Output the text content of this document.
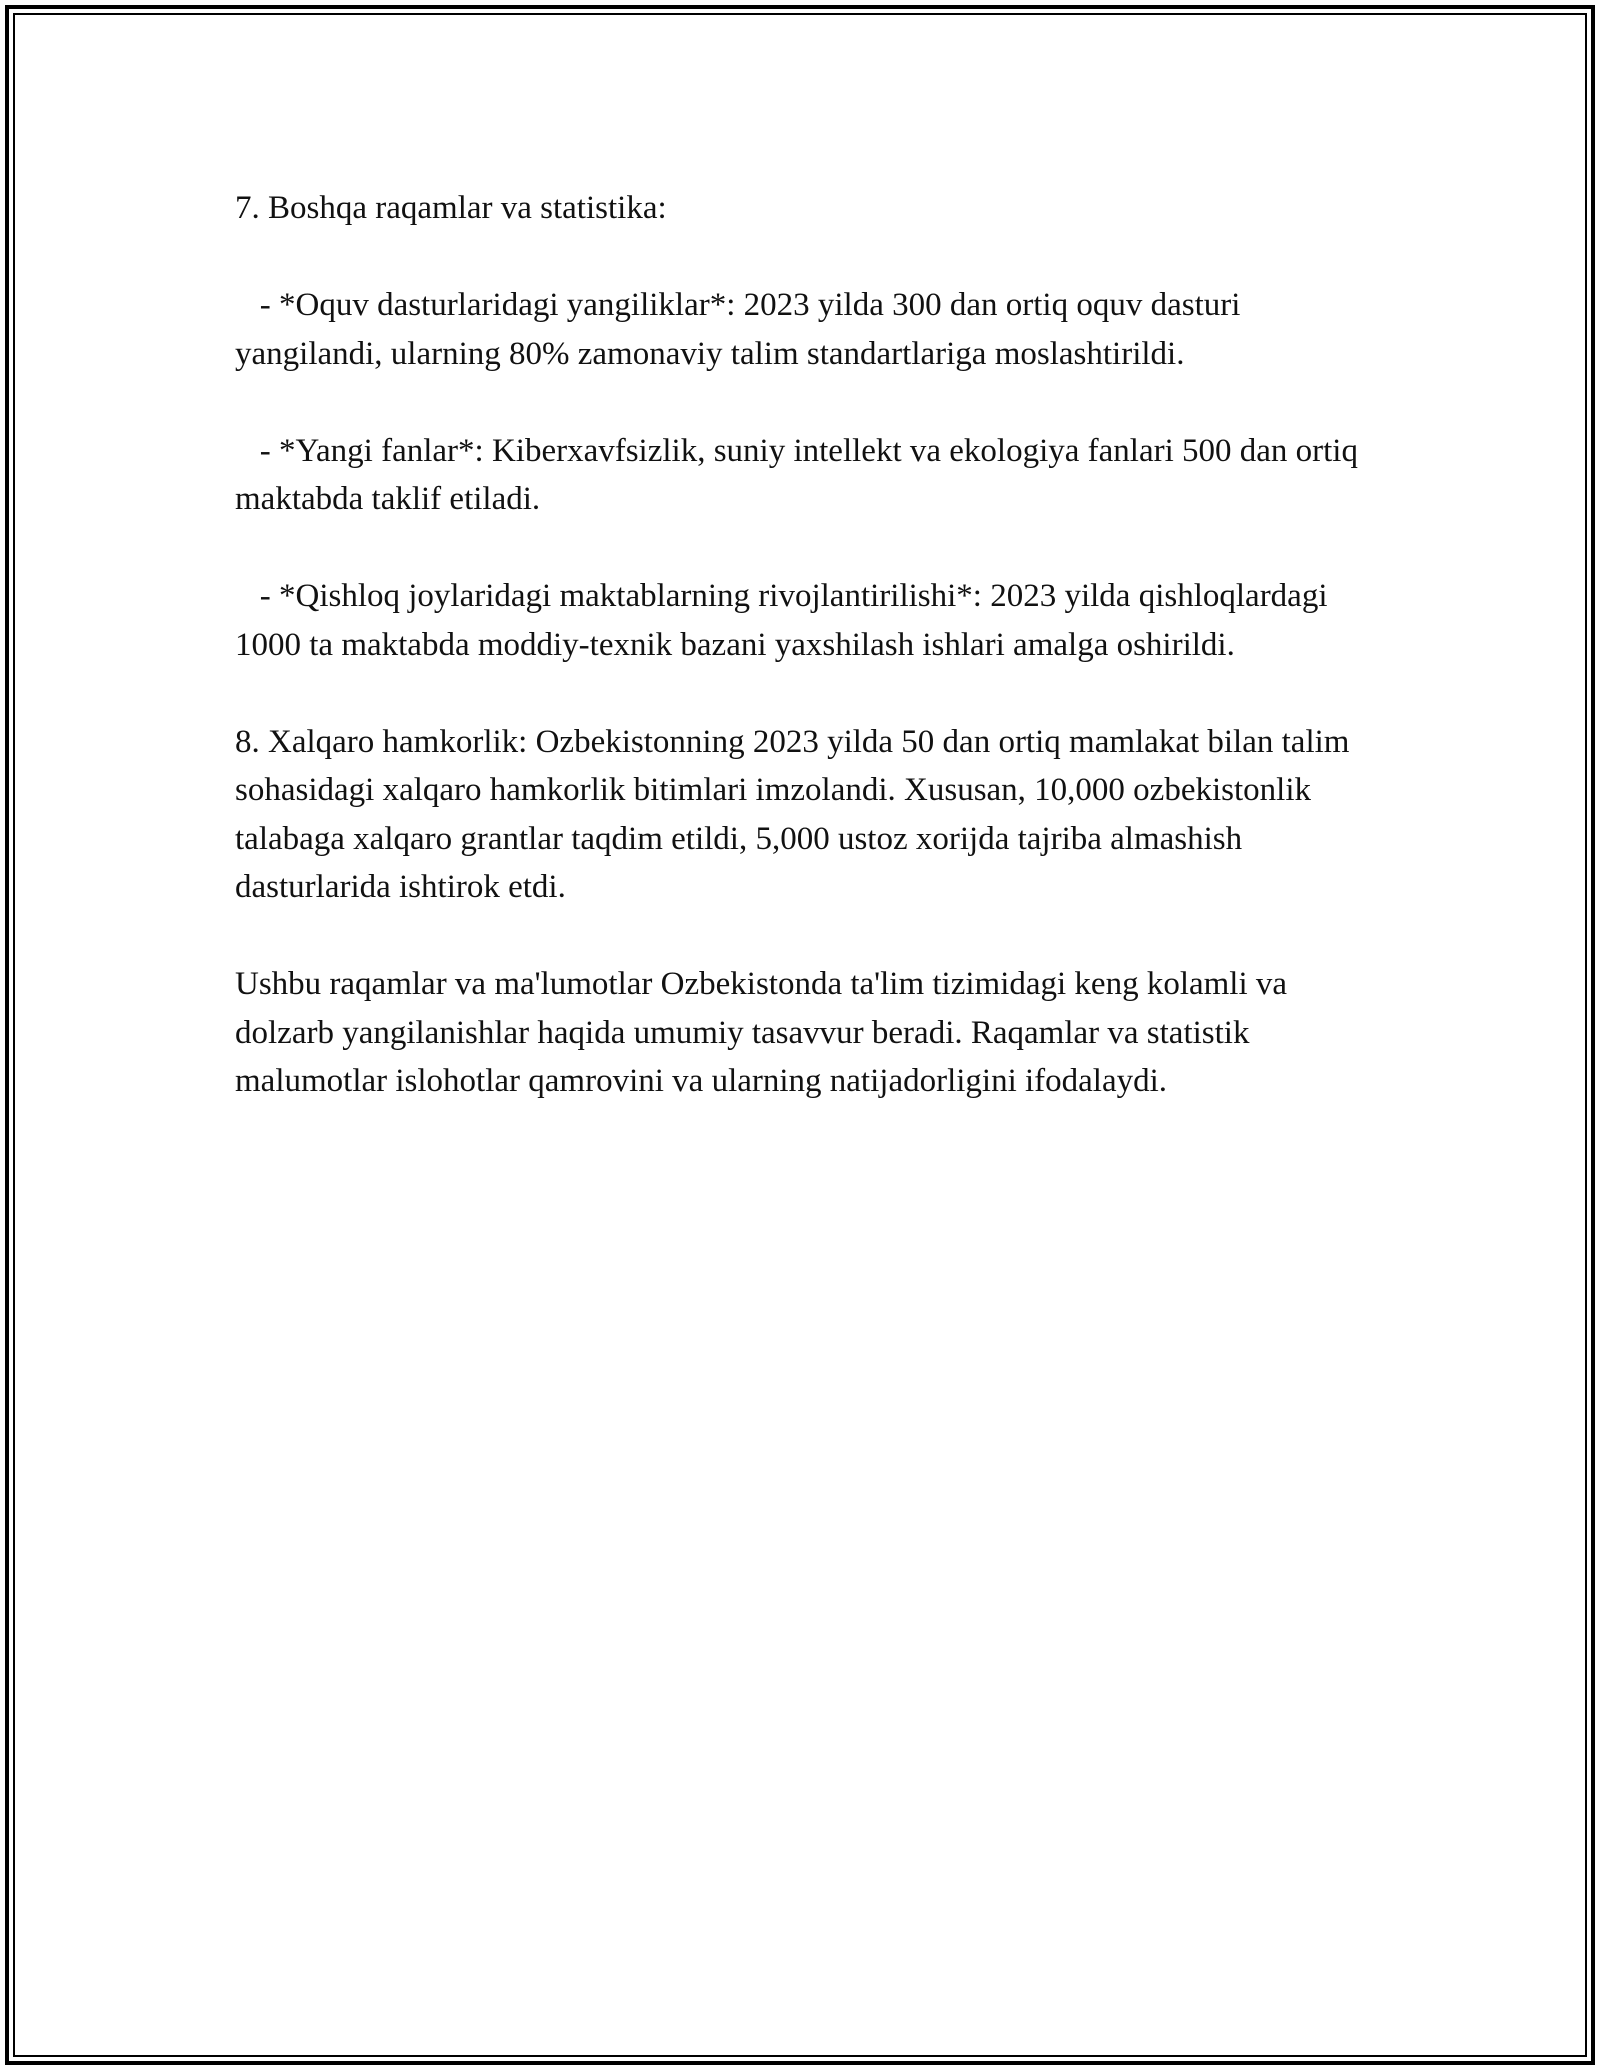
7. Boshqa raqamlar va statistika:

- *Oquv dasturlaridagi yangiliklar*: 2023 yilda 300 dan ortiq oquv dasturi yangilandi, ularning 80% zamonaviy talim standartlariga moslashtirildi.

- *Yangi fanlar*: Kiberxavfsizlik, suniy intellekt va ekologiya fanlari 500 dan ortiq maktabda taklif etiladi.

- *Qishloq joylaridagi maktablarning rivojlantirilishi*: 2023 yilda qishloqlardagi 1000 ta maktabda moddiy-texnik bazani yaxshilash ishlari amalga oshirildi.

8. Xalqaro hamkorlik: Ozbekistonning 2023 yilda 50 dan ortiq mamlakat bilan talim sohasidagi xalqaro hamkorlik bitimlari imzolandi. Xususan, 10,000 ozbekistonlik talabaga xalqaro grantlar taqdim etildi, 5,000 ustoz xorijda tajriba almashish dasturlarida ishtirok etdi.

Ushbu raqamlar va ma'lumotlar Ozbekistonda ta'lim tizimidagi keng kolamli va dolzarb yangilanishlar haqida umumiy tasavvur beradi. Raqamlar va statistik malumotlar islohotlar qamrovini va ularning natijadorligini ifodalaydi.
